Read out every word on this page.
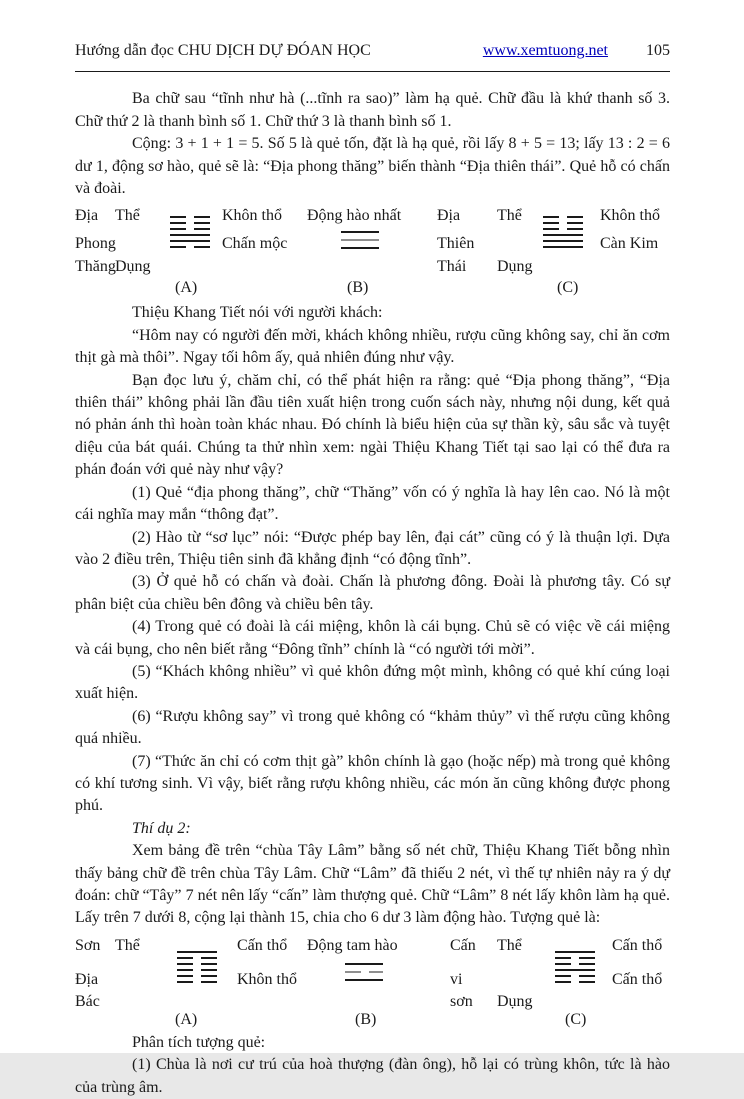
Hướng dẫn đọc CHU DỊCH DỰ ĐÓAN HỌC	www.xemtuong.net 105

Ba chữ sau “tĩnh như hà (...tĩnh ra sao)” làm hạ quẻ. Chữ đầu là khứ thanh số 3. Chữ thứ 2 là thanh bình số 1. Chữ thứ 3 là thanh bình số 1.

Cộng: 3 + 1 + 1 = 5. Số 5 là quẻ tốn, đặt là hạ quẻ, rồi lấy 8 + 5 = 13; lấy 13 : 2 = 6 dư 1, động sơ hào, quẻ sẽ là: “Địa phong thăng” biến thành “Địa thiên thái”. Quẻ hỗ có chấn và đoài.

Địa
Phong
Thăng
Thể
Dụng
Khôn thổ
Chấn mộc
(A)
Động hào nhất
(B)
Địa
Thiên
Thái
Thể
Dụng
Khôn thổ
Càn Kim
(C)

Thiệu Khang Tiết nói với người khách:

“Hôm nay có người đến mời, khách không nhiều, rượu cũng không say, chỉ ăn cơm thịt gà mà thôi”. Ngay tối hôm ấy, quả nhiên đúng như vậy.

Bạn đọc lưu ý, chăm chỉ, có thể phát hiện ra rằng: quẻ “Địa phong thăng”, “Địa thiên thái” không phải lần đầu tiên xuất hiện trong cuốn sách này, nhưng nội dung, kết quả nó phản ánh thì hoàn toàn khác nhau. Đó chính là biểu hiện của sự thần kỳ, sâu sắc và tuyệt diệu của bát quái. Chúng ta thử nhìn xem: ngài Thiệu Khang Tiết tại sao lại có thể đưa ra phán đoán với quẻ này như vậy?

(1) Quẻ “địa phong thăng”, chữ “Thăng” vốn có ý nghĩa là hay lên cao. Nó là một cái nghĩa may mắn “thông đạt”.

(2) Hào từ “sơ lục” nói: “Được phép bay lên, đại cát” cũng có ý là thuận lợi. Dựa vào 2 điều trên, Thiệu tiên sinh đã khẳng định “có động tĩnh”.

(3) Ở quẻ hỗ có chấn và đoài. Chấn là phương đông. Đoài là phương tây. Có sự phân biệt của chiều bên đông và chiều bên tây.

(4) Trong quẻ có đoài là cái miệng, khôn là cái bụng. Chủ sẽ có việc về cái miệng và cái bụng, cho nên biết rằng “Đông tĩnh” chính là “có người tới mời”.

(5) “Khách không nhiều” vì quẻ khôn đứng một mình, không có quẻ khí cúng loại xuất hiện.

(6) “Rượu không say” vì trong quẻ không có “khảm thủy” vì thế rượu cũng không quá nhiều.

(7) “Thức ăn chỉ có cơm thịt gà” khôn chính là gạo (hoặc nếp) mà trong quẻ không có khí tương sinh. Vì vậy, biết rằng rượu không nhiều, các món ăn cũng không được phong phú.

Thí dụ 2:

Xem bảng đề trên “chùa Tây Lâm” bằng số nét chữ, Thiệu Khang Tiết bỗng nhìn thấy bảng chữ đề trên chùa Tây Lâm. Chữ “Lâm” đã thiếu 2 nét, vì thế tự nhiên nảy ra ý dự đoán: chữ “Tây” 7 nét nên lấy “cấn” làm thượng quẻ. Chữ “Lâm” 8 nét lấy khôn làm hạ quẻ. Lấy trên 7 dưới 8, cộng lại thành 15, chia cho 6 dư 3 làm động hào. Tượng quẻ là:

Sơn
Địa
Bác
Thể	Cấn thổ
Khôn thổ
(A)
Động tam hào
(B)
Cấn
vi
sơn
Thể
Dụng
Cấn thổ
Cấn thổ
(C)

Phân tích tượng quẻ:

(1) Chùa là nơi cư trú của hoà thượng (đàn ông), hỗ lại có trùng khôn, tức là hào của trùng âm.
